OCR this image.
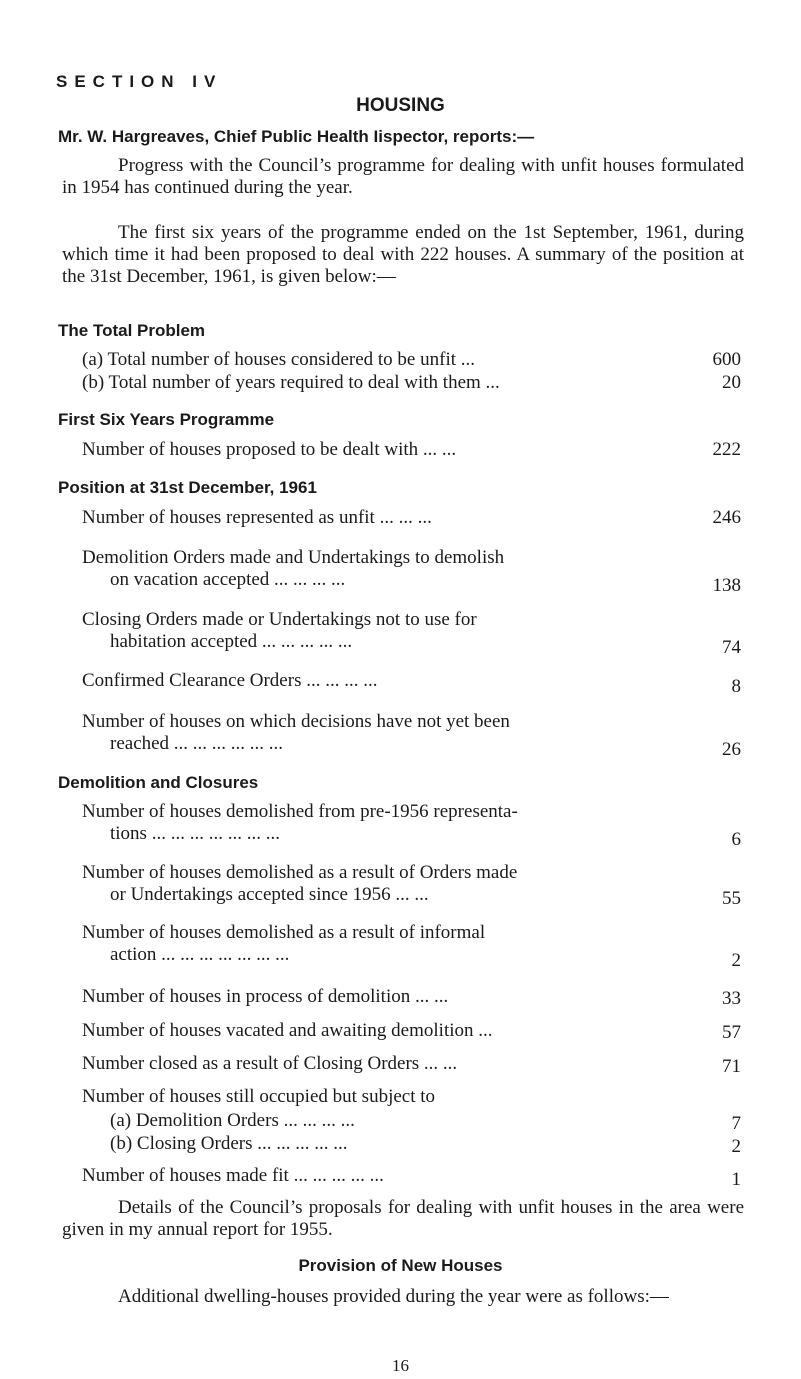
SECTION IV
HOUSING
Mr. W. Hargreaves, Chief Public Health Iispector, reports:—
Progress with the Council’s programme for dealing with unfit houses formulated in 1954 has continued during the year.
The first six years of the programme ended on the 1st September, 1961, during which time it had been proposed to deal with 222 houses. A summary of the position at the 31st December, 1961, is given below:—
The Total Problem
(a) Total number of houses considered to be unfit ...	600
(b) Total number of years required to deal with them ...	20
First Six Years Programme
Number of houses proposed to be dealt with ... ...	222
Position at 31st December, 1961
Number of houses represented as unfit ... ... ...	246
Demolition Orders made and Undertakings to demolish
on vacation accepted ... ... ... ...	138
Closing Orders made or Undertakings not to use for
habitation accepted ... ... ... ... ...	74
Confirmed Clearance Orders ... ... ... ...	8
Number of houses on which decisions have not yet been
reached ... ... ... ... ... ...	26
Demolition and Closures
Number of houses demolished from pre-1956 representa-
tions ... ... ... ... ... ... ...	6
Number of houses demolished as a result of Orders made
or Undertakings accepted since 1956 ... ...	55
Number of houses demolished as a result of informal
action ... ... ... ... ... ... ...	2
Number of houses in process of demolition ... ...	33
Number of houses vacated and awaiting demolition ...	57
Number closed as a result of Closing Orders ... ...	71
Number of houses still occupied but subject to
(a) Demolition Orders ... ... ... ...	7
(b) Closing Orders ... ... ... ... ...	2
Number of houses made fit ... ... ... ... ...	1
Details of the Council’s proposals for dealing with unfit houses in the area were given in my annual report for 1955.
Provision of New Houses
Additional dwelling-houses provided during the year were as follows:—
16
